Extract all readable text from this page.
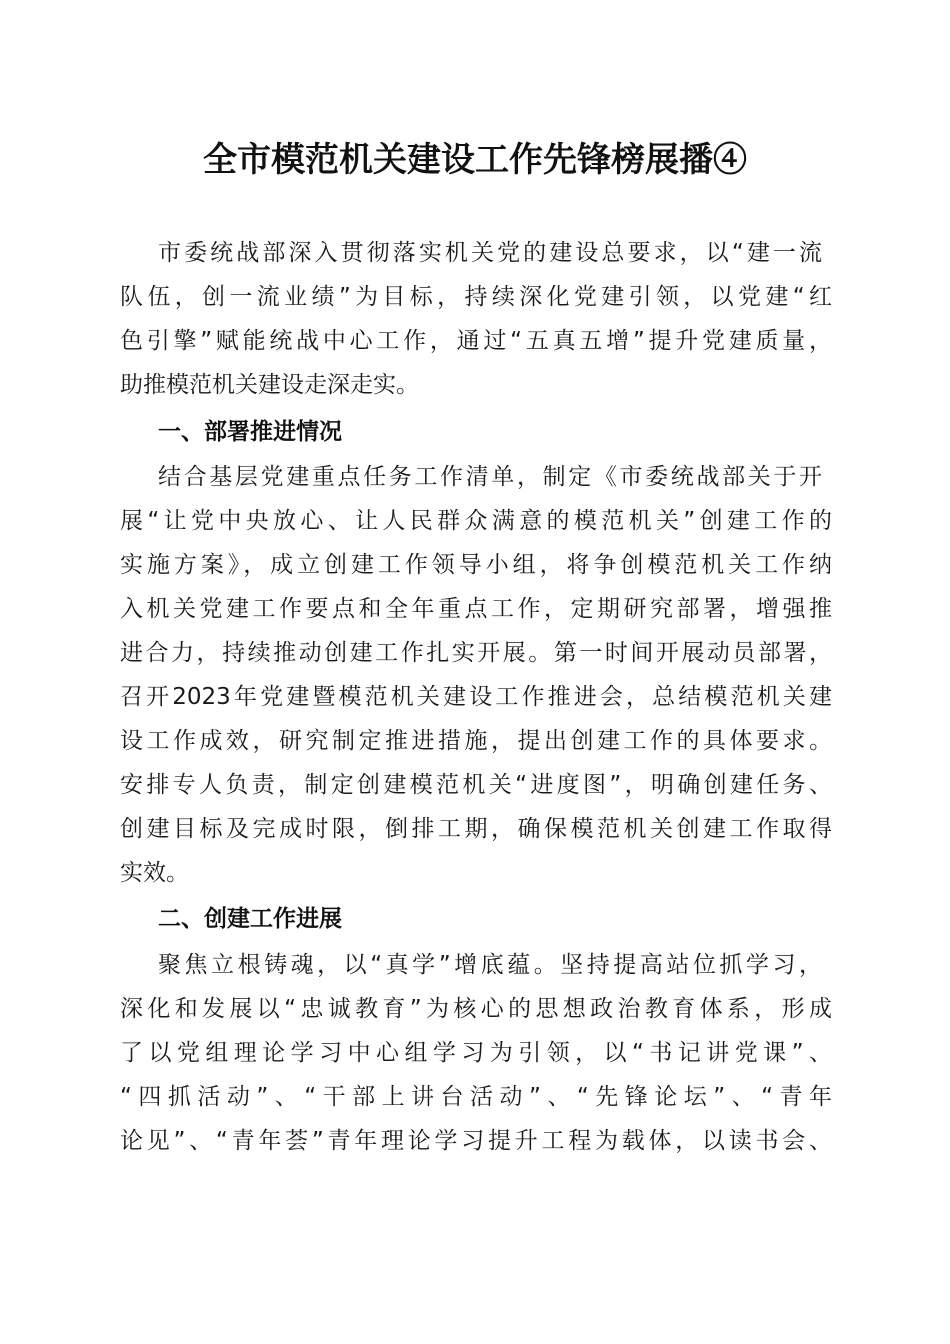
全市模范机关建设工作先锋榜展播④
市委统战部深入贯彻落实机关党的建设总要求，以“建一流
队伍，创一流业绩”为目标，持续深化党建引领，以党建“红
色引擎”赋能统战中心工作，通过“五真五增”提升党建质量，
助推模范机关建设走深走实。
一、部署推进情况
结合基层党建重点任务工作清单，制定《市委统战部关于开
展“让党中央放心、让人民群众满意的模范机关”创建工作的
实施方案》，成立创建工作领导小组，将争创模范机关工作纳
入机关党建工作要点和全年重点工作，定期研究部署，增强推
进合力，持续推动创建工作扎实开展。第一时间开展动员部署，
召开2023年党建暨模范机关建设工作推进会，总结模范机关建
设工作成效，研究制定推进措施，提出创建工作的具体要求。
安排专人负责，制定创建模范机关“进度图”，明确创建任务、
创建目标及完成时限，倒排工期，确保模范机关创建工作取得
实效。
二、创建工作进展
聚焦立根铸魂，以“真学”增底蕴。坚持提高站位抓学习，
深化和发展以“忠诚教育”为核心的思想政治教育体系，形成
了以党组理论学习中心组学习为引领，以“书记讲党课”、
“四抓活动”、“干部上讲台活动”、“先锋论坛”、“青年
论见”、“青年荟”青年理论学习提升工程为载体，以读书会、
